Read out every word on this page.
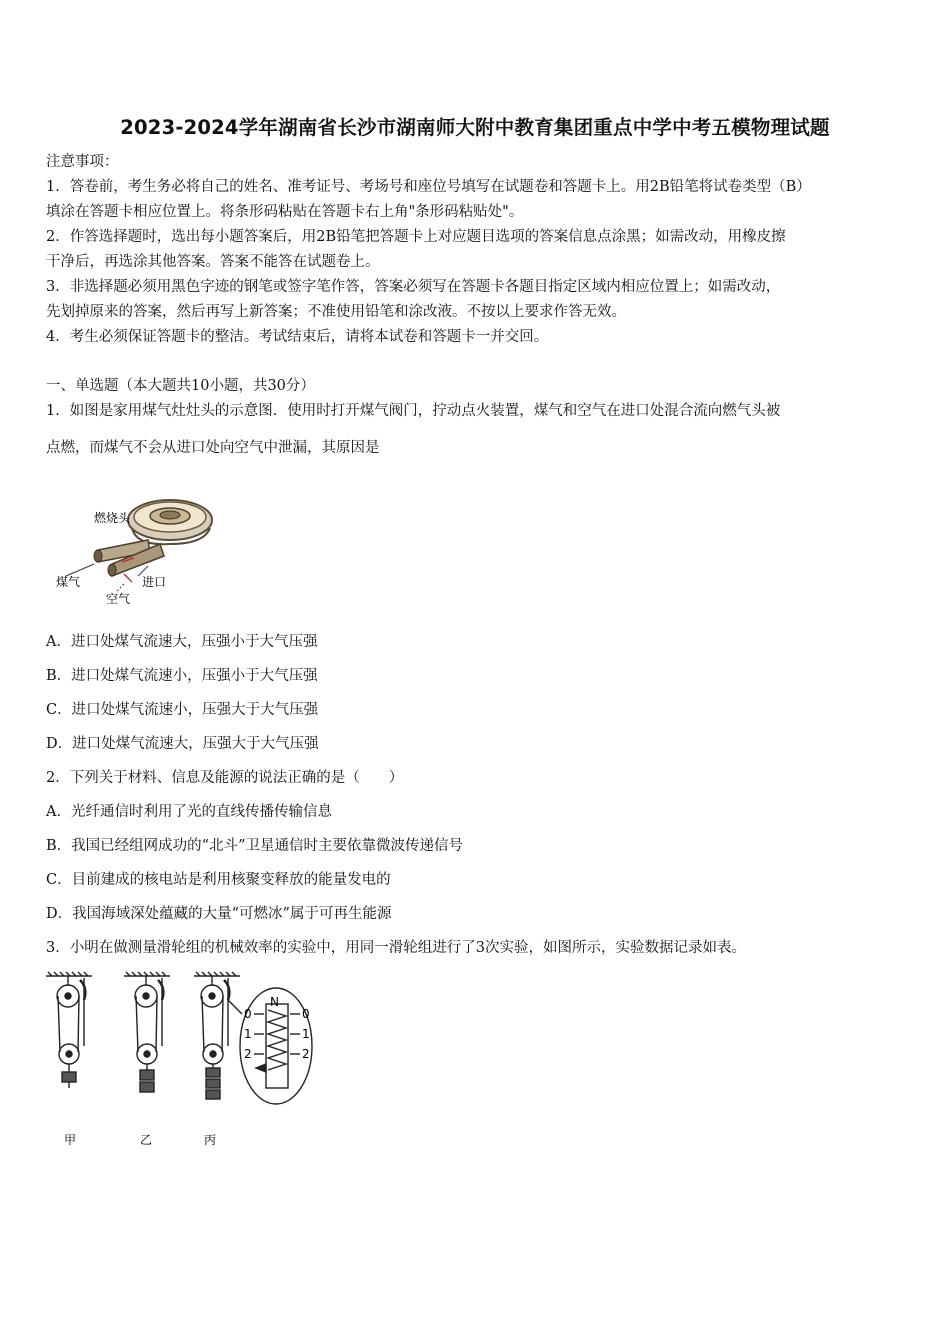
2023-2024学年湖南省长沙市湖南师大附中教育集团重点中学中考五模物理试题
注意事项：
1．答卷前，考生务必将自己的姓名、准考证号、考场号和座位号填写在试题卷和答题卡上。用2B铅笔将试卷类型（B）
填涂在答题卡相应位置上。将条形码粘贴在答题卡右上角"条形码粘贴处"。
2．作答选择题时，选出每小题答案后，用2B铅笔把答题卡上对应题目选项的答案信息点涂黑；如需改动，用橡皮擦
干净后，再选涂其他答案。答案不能答在试题卷上。
3．非选择题必须用黑色字迹的钢笔或签字笔作答，答案必须写在答题卡各题目指定区域内相应位置上；如需改动，
先划掉原来的答案，然后再写上新答案；不准使用铅笔和涂改液。不按以上要求作答无效。
4．考生必须保证答题卡的整洁。考试结束后，请将本试卷和答题卡一并交回。
一、单选题（本大题共10小题，共30分）
1．如图是家用煤气灶灶头的示意图．使用时打开煤气阀门，拧动点火装置，煤气和空气在进口处混合流向燃气头被
点燃，而煤气不会从进口处向空气中泄漏，其原因是
燃烧头
煤气	进口
空气
A．进口处煤气流速大，压强小于大气压强
B．进口处煤气流速小，压强小于大气压强
C．进口处煤气流速小，压强大于大气压强
D．进口处煤气流速大，压强大于大气压强
2．下列关于材料、信息及能源的说法正确的是（　　）
A．光纤通信时利用了光的直线传播传输信息
B．我国已经组网成功的“北斗”卫星通信时主要依靠微波传递信号
C．目前建成的核电站是利用核聚变释放的能量发电的
D．我国海域深处蕴藏的大量“可燃冰”属于可再生能源
3．小明在做测量滑轮组的机械效率的实验中，用同一滑轮组进行了3次实验，如图所示，实验数据记录如表。
N
0
1
2
0
1
2
甲	乙	丙
